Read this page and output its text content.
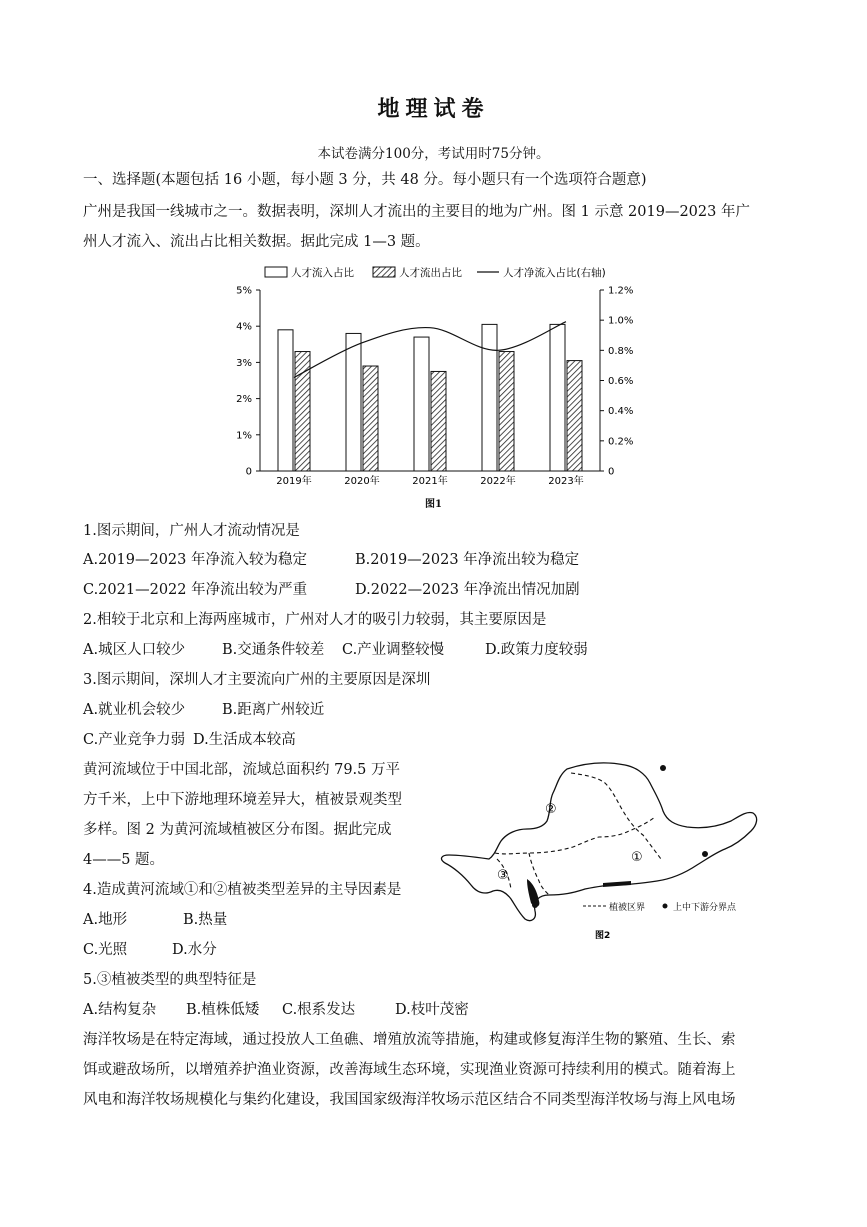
地理试卷
本试卷满分100分，考试用时75分钟。
一、选择题(本题包括 16 小题，每小题 3 分，共 48 分。每小题只有一个选项符合题意)
广州是我国一线城市之一。数据表明，深圳人才流出的主要目的地为广州。图 1 示意 2019—2023 年广
州人才流入、流出占比相关数据。据此完成 1—3 题。
人才流入占比	人才流出占比	人才净流入占比(右轴)
0
1%
2%
3%
4%
5%
0
0.2%
0.4%
0.6%
0.8%
1.0%
1.2%
2019年	2020年	2021年	2022年	2023年
图1
1.图示期间，广州人才流动情况是
A.2019—2023 年净流入较为稳定	B.2019—2023 年净流出较为稳定
C.2021—2022 年净流出较为严重	D.2022—2023 年净流出情况加剧
2.相较于北京和上海两座城市，广州对人才的吸引力较弱，其主要原因是
A.城区人口较少	B.交通条件较差 C.产业调整较慢	D.政策力度较弱
3.图示期间，深圳人才主要流向广州的主要原因是深圳
A.就业机会较少	B.距离广州较近
C.产业竞争力弱 D.生活成本较高
黄河流域位于中国北部，流域总面积约 79.5 万平
方千米，上中下游地理环境差异大，植被景观类型
多样。图 2 为黄河流域植被区分布图。据此完成
4——5 题。	①
②
③
植被区界	上中下游分界点
图2
4.造成黄河流域①和②植被类型差异的主导因素是
A.地形	B.热量
C.光照	D.水分
5.③植被类型的典型特征是
A.结构复杂 B.植株低矮 C.根系发达	D.枝叶茂密
海洋牧场是在特定海域，通过投放人工鱼礁、增殖放流等措施，构建或修复海洋生物的繁殖、生长、索
饵或避敌场所，以增殖养护渔业资源，改善海域生态环境，实现渔业资源可持续利用的模式。随着海上
风电和海洋牧场规模化与集约化建设，我国国家级海洋牧场示范区结合不同类型海洋牧场与海上风电场
